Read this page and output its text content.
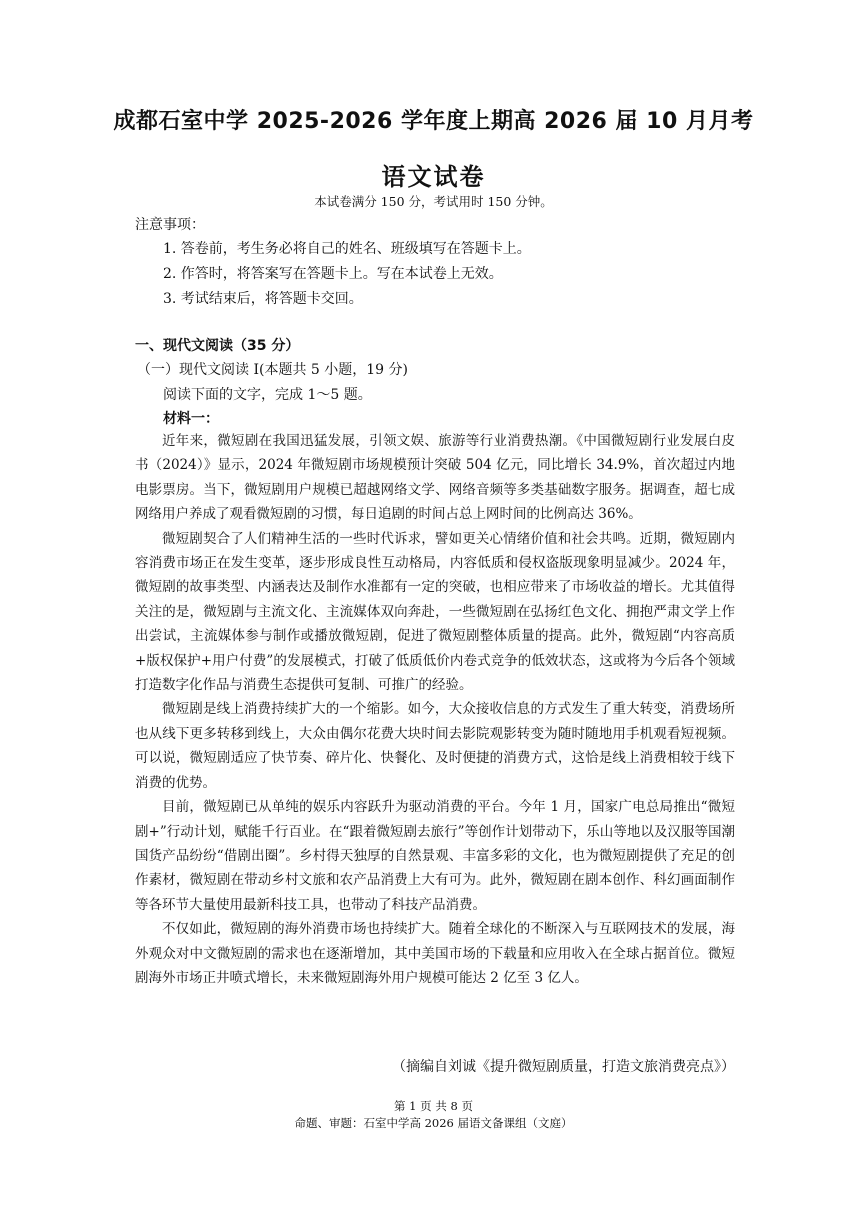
成都石室中学 2025-2026 学年度上期高 2026 届 10 月月考
语文试卷
本试卷满分 150 分，考试用时 150 分钟。
注意事项：
1. 答卷前，考生务必将自己的姓名、班级填写在答题卡上。
2. 作答时，将答案写在答题卡上。写在本试卷上无效。
3. 考试结束后，将答题卡交回。
一、现代文阅读（35 分）
（一）现代文阅读 I(本题共 5 小题，19 分)
阅读下面的文字，完成 1～5 题。
材料一：

近年来，微短剧在我国迅猛发展，引领文娱、旅游等行业消费热潮。《中国微短剧行业发展白皮书（2024）》显示，2024 年微短剧市场规模预计突破 504 亿元，同比增长 34.9%，首次超过内地电影票房。当下，微短剧用户规模已超越网络文学、网络音频等多类基础数字服务。据调查，超七成网络用户养成了观看微短剧的习惯，每日追剧的时间占总上网时间的比例高达 36%。

微短剧契合了人们精神生活的一些时代诉求，譬如更关心情绪价值和社会共鸣。近期，微短剧内容消费市场正在发生变革，逐步形成良性互动格局，内容低质和侵权盗版现象明显减少。2024 年，微短剧的故事类型、内涵表达及制作水准都有一定的突破，也相应带来了市场收益的增长。尤其值得关注的是，微短剧与主流文化、主流媒体双向奔赴，一些微短剧在弘扬红色文化、拥抱严肃文学上作出尝试，主流媒体参与制作或播放微短剧，促进了微短剧整体质量的提高。此外，微短剧“内容高质+版权保护+用户付费”的发展模式，打破了低质低价内卷式竞争的低效状态，这或将为今后各个领域打造数字化作品与消费生态提供可复制、可推广的经验。

微短剧是线上消费持续扩大的一个缩影。如今，大众接收信息的方式发生了重大转变，消费场所也从线下更多转移到线上，大众由偶尔花费大块时间去影院观影转变为随时随地用手机观看短视频。可以说，微短剧适应了快节奏、碎片化、快餐化、及时便捷的消费方式，这恰是线上消费相较于线下消费的优势。

目前，微短剧已从单纯的娱乐内容跃升为驱动消费的平台。今年 1 月，国家广电总局推出“微短剧+”行动计划，赋能千行百业。在“跟着微短剧去旅行”等创作计划带动下，乐山等地以及汉服等国潮国货产品纷纷“借剧出圈”。乡村得天独厚的自然景观、丰富多彩的文化，也为微短剧提供了充足的创作素材，微短剧在带动乡村文旅和农产品消费上大有可为。此外，微短剧在剧本创作、科幻画面制作等各环节大量使用最新科技工具，也带动了科技产品消费。

不仅如此，微短剧的海外消费市场也持续扩大。随着全球化的不断深入与互联网技术的发展，海外观众对中文微短剧的需求也在逐渐增加，其中美国市场的下载量和应用收入在全球占据首位。微短剧海外市场正井喷式增长，未来微短剧海外用户规模可能达 2 亿至 3 亿人。

（摘编自刘诚《提升微短剧质量，打造文旅消费亮点》）
第 1 页 共 8 页
命题、审题：石室中学高 2026 届语文备课组（文庭）
